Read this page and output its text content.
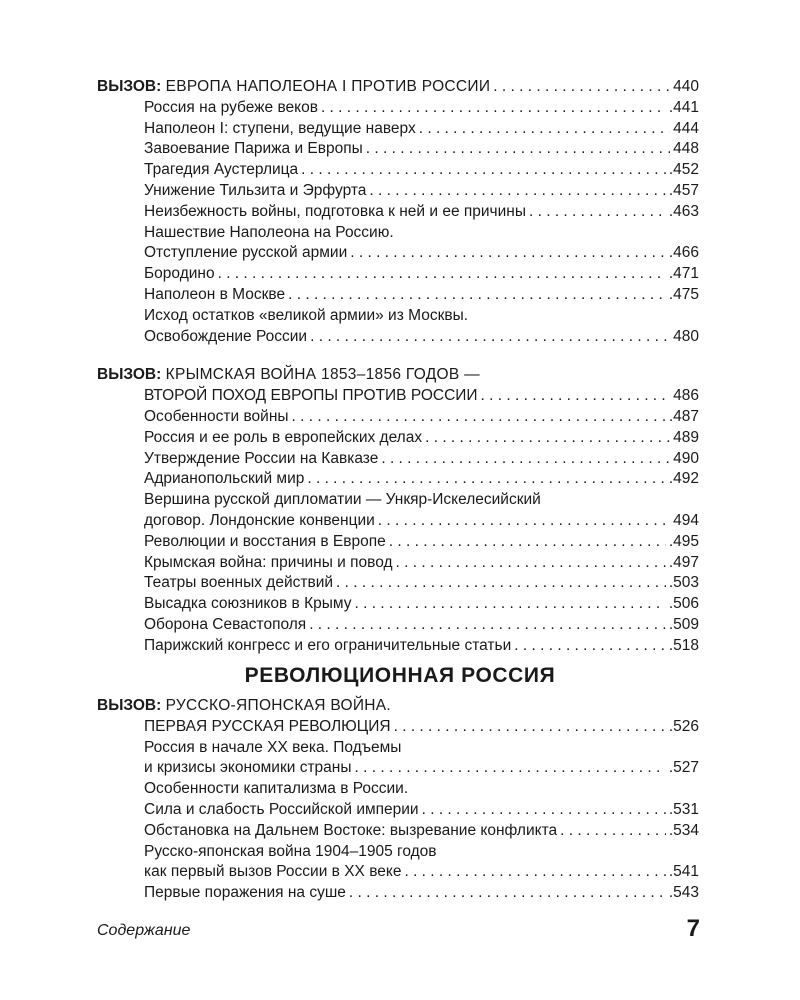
ВЫЗОВ: ЕВРОПА НАПОЛЕОНА I ПРОТИВ РОССИИ . . .	440
Россия на рубеже веков . . .	.441
Наполеон I: ступени, ведущие наверх . . .	444
Завоевание Парижа и Европы . . .	448
Трагедия Аустерлица . . .	.452
Унижение Тильзита и Эрфурта . . .	.457
Неизбежность войны, подготовка к ней и ее причины . . .	.463
Нашествие Наполеона на Россию.
Отступление русской армии . . .	.466
Бородино . . .	.471
Наполеон в Москве . . .	.475
Исход остатков «великой армии» из Москвы.
Освобождение России . . .	480
ВЫЗОВ: КРЫМСКАЯ ВОЙНА 1853–1856 ГОДОВ —
ВТОРОЙ ПОХОД ЕВРОПЫ ПРОТИВ РОССИИ . . .	486
Особенности войны . . .	.487
Россия и ее роль в европейских делах . . .	489
Утверждение России на Кавказе . . .	490
Адрианопольский мир . . .	.492
Вершина русской дипломатии — Ункяр-Искелесийский
договор. Лондонские конвенции . . .	494
Революции и восстания в Европе . . .	.495
Крымская война: причины и повод . . .	.497
Театры военных действий . . .	.503
Высадка союзников в Крыму . . .	.506
Оборона Севастополя . . .	.509
Парижский конгресс и его ограничительные статьи . . .	.518
ВЫЗОВ: РУССКО-ЯПОНСКАЯ ВОЙНА.
ПЕРВАЯ РУССКАЯ РЕВОЛЮЦИЯ . . .	.526
Россия в начале XX века. Подъемы
и кризисы экономики страны . . .	.527
Особенности капитализма в России.
Сила и слабость Российской империи . . .	.531
Обстановка на Дальнем Востоке: вызревание конфликта . . .	.534
Русско-японская война 1904–1905 годов
как первый вызов России в XX веке . . .	.541
Первые поражения на суше . . .	.543
РЕВОЛЮЦИОННАЯ РОССИЯ
Содержание	7
